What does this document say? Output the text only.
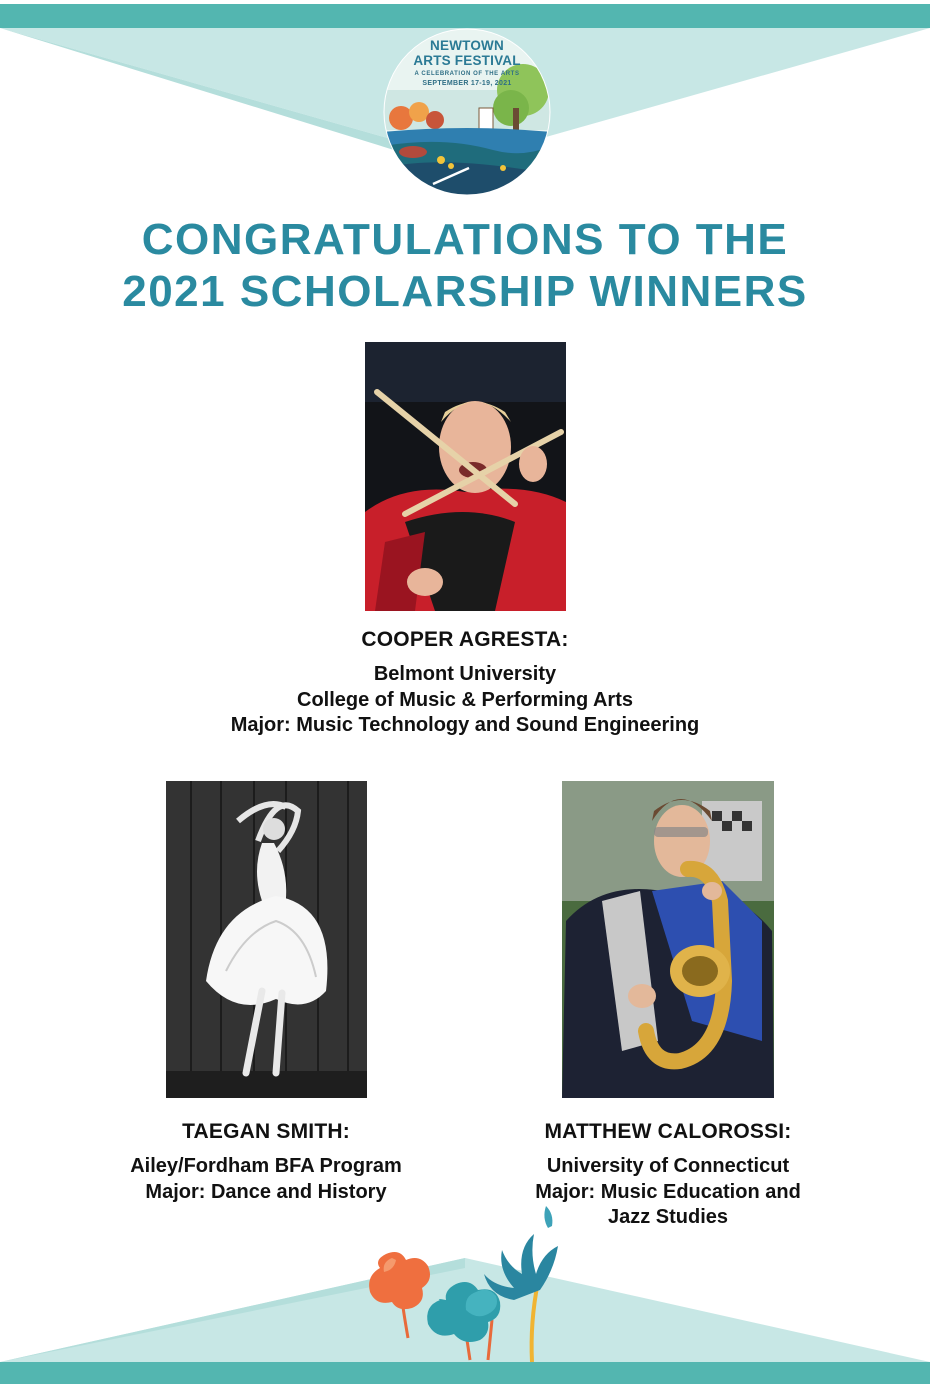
NEWTOWN
ARTS FESTIVAL
A CELEBRATION OF THE ARTS
SEPTEMBER 17-19, 2021
CONGRATULATIONS TO THE
2021 SCHOLARSHIP WINNERS
COOPER AGRESTA:
Belmont University
College of Music & Performing Arts
Major: Music Technology and Sound Engineering
TAEGAN SMITH:
Ailey/Fordham BFA Program
Major: Dance and History
MATTHEW CALOROSSI:
University of Connecticut
Major: Music Education and
Jazz Studies
